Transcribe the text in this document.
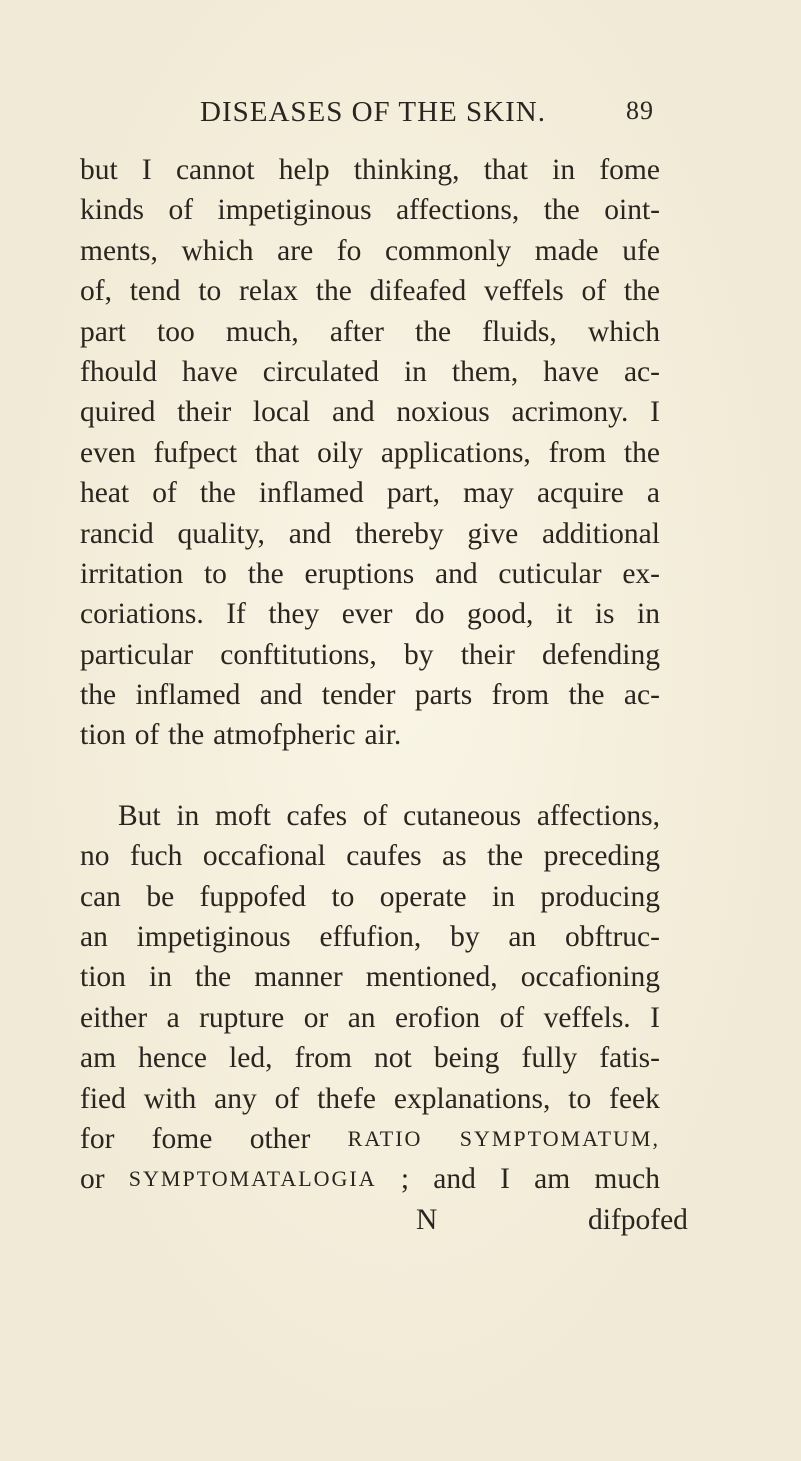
DISEASES OF THE SKIN.	89
but I cannot help thinking, that in fome
kinds of impetiginous affections, the oint-
ments, which are fo commonly made ufe
of, tend to relax the difeafed veffels of the
part too much, after the fluids, which
fhould have circulated in them, have ac-
quired their local and noxious acrimony. I
even fufpect that oily applications, from the
heat of the inflamed part, may acquire a
rancid quality, and thereby give additional
irritation to the eruptions and cuticular ex-
coriations. If they ever do good, it is in
particular conftitutions, by their defending
the inflamed and tender parts from the ac-
tion of the atmofpheric air.
But in moft cafes of cutaneous affections,
no fuch occafional caufes as the preceding
can be fuppofed to operate in producing
an impetiginous effufion, by an obftruc-
tion in the manner mentioned, occafioning
either a rupture or an erofion of veffels. I
am hence led, from not being fully fatis-
fied with any of thefe explanations, to feek
for fome other RATIO SYMPTOMATUM,
or SYMPTOMATALOGIA ; and I am much
N	difpofed
